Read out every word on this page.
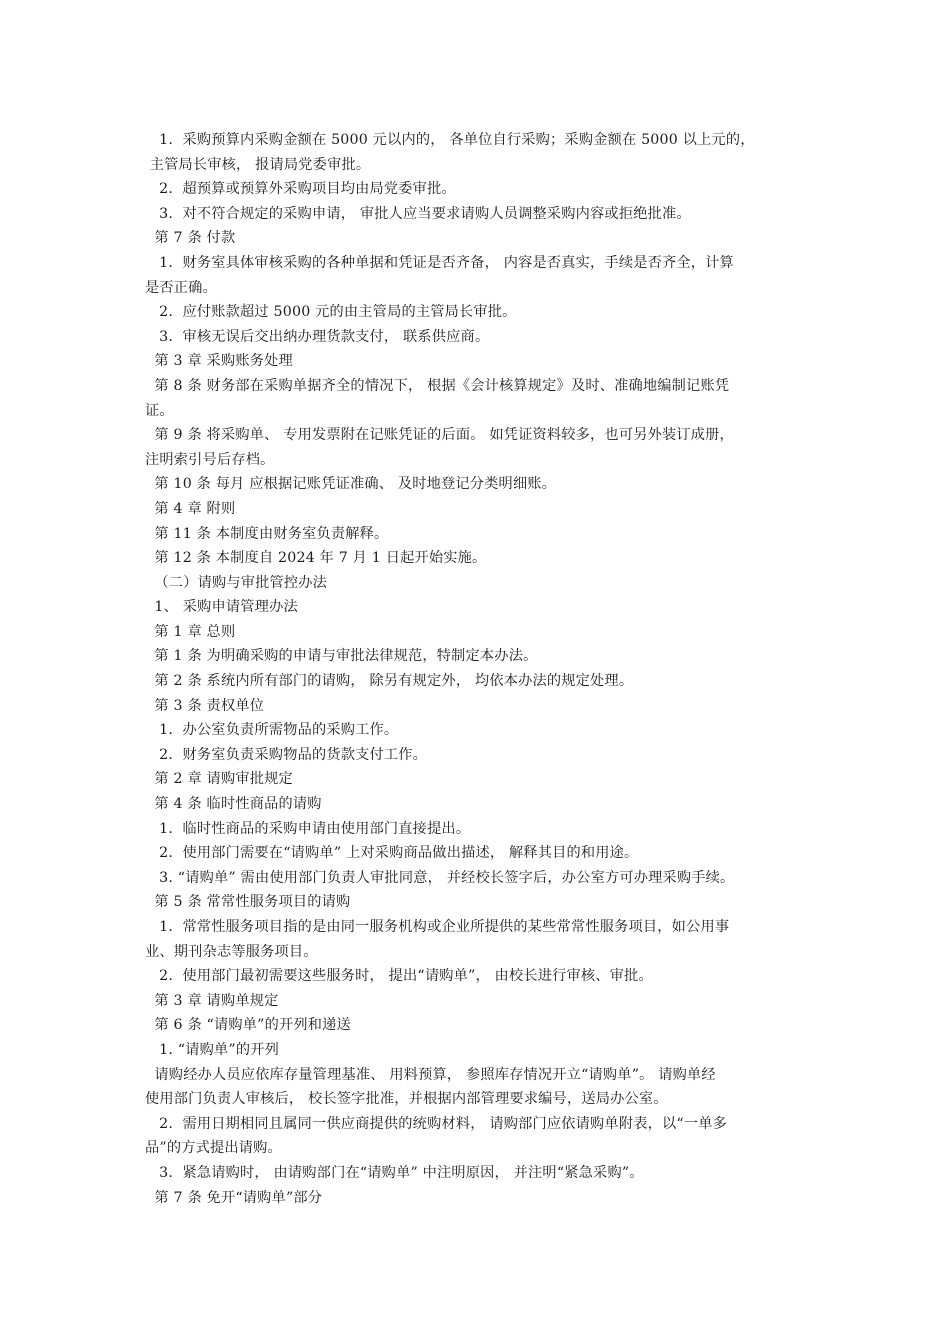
1.  采购预算内采购金额在 5000 元以内的， 各单位自行采购；采购金额在 5000 以上元的，
主管局长审核， 报请局党委审批。
2.  超预算或预算外采购项目均由局党委审批。
3.  对不符合规定的采购申请， 审批人应当要求请购人员调整采购内容或拒绝批准。
第 7 条 付款
1.  财务室具体审核采购的各种单据和凭证是否齐备， 内容是否真实，手续是否齐全，计算
是否正确。
2.  应付账款超过 5000 元的由主管局的主管局长审批。
3.  审核无误后交出纳办理货款支付， 联系供应商。
第 3 章 采购账务处理
第 8 条 财务部在采购单据齐全的情况下， 根据《会计核算规定》及时、准确地编制记账凭
证。
第 9 条 将采购单、 专用发票附在记账凭证的后面。 如凭证资料较多，也可另外装订成册，
注明索引号后存档。
第 10 条 每月 应根据记账凭证准确、 及时地登记分类明细账。
第 4 章 附则
第 11 条 本制度由财务室负责解释。
第 12 条 本制度自 2024 年 7 月 1 日起开始实施。
（二）请购与审批管控办法
1、 采购申请管理办法
第 1 章 总则
第 1 条 为明确采购的申请与审批法律规范，特制定本办法。
第 2 条 系统内所有部门的请购， 除另有规定外， 均依本办法的规定处理。
第 3 条 责权单位
1.  办公室负责所需物品的采购工作。
2.  财务室负责采购物品的货款支付工作。
第 2 章 请购审批规定
第 4 条 临时性商品的请购
1.  临时性商品的采购申请由使用部门直接提出。
2.  使用部门需要在“请购单” 上对采购商品做出描述， 解释其目的和用途。
3. “请购单” 需由使用部门负责人审批同意， 并经校长签字后，办公室方可办理采购手续。
第 5 条 常常性服务项目的请购
1.  常常性服务项目指的是由同一服务机构或企业所提供的某些常常性服务项目，如公用事
业、期刊杂志等服务项目。
2.  使用部门最初需要这些服务时， 提出“请购单”， 由校长进行审核、审批。
第 3 章 请购单规定
第 6 条 “请购单”的开列和递送
1. “请购单”的开列
请购经办人员应依库存量管理基准、 用料预算， 参照库存情况开立“请购单”。 请购单经
使用部门负责人审核后， 校长签字批准，并根据内部管理要求编号，送局办公室。
2.  需用日期相同且属同一供应商提供的统购材料， 请购部门应依请购单附表，以“一单多
品”的方式提出请购。
3.  紧急请购时， 由请购部门在“请购单” 中注明原因， 并注明“紧急采购”。
第 7 条 免开“请购单”部分
